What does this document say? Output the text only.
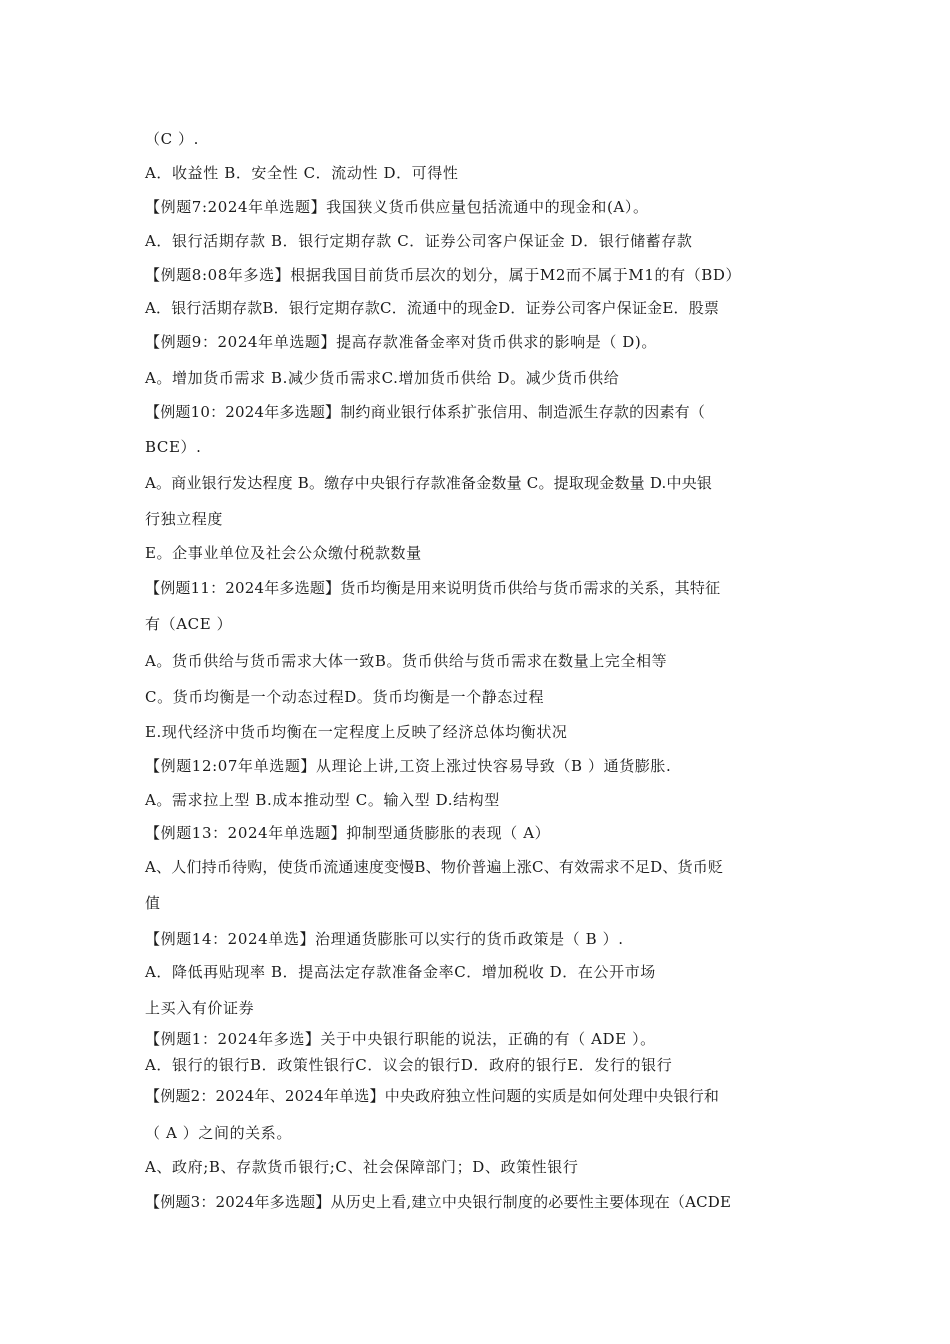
（C ）.
A．收益性 B．安全性 C．流动性 D．可得性
【例题7:2024年单选题】我国狭义货币供应量包括流通中的现金和(A）。
A．银行活期存款 B．银行定期存款 C．证券公司客户保证金 D．银行储蓄存款
【例题8:08年多选】根据我国目前货币层次的划分，属于M2而不属于M1的有（BD）
A．银行活期存款B．银行定期存款C．流通中的现金D．证券公司客户保证金E．股票
【例题9：2024年单选题】提高存款准备金率对货币供求的影响是（ D)。
A。增加货币需求 B.减少货币需求C.增加货币供给 D。减少货币供给
【例题10：2024年多选题】制约商业银行体系扩张信用、制造派生存款的因素有（
BCE）.
A。商业银行发达程度 B。缴存中央银行存款准备金数量 C。提取现金数量 D.中央银
行独立程度
E。企事业单位及社会公众缴付税款数量
【例题11：2024年多选题】货币均衡是用来说明货币供给与货币需求的关系，其特征
有（ACE ）
A。货币供给与货币需求大体一致B。货币供给与货币需求在数量上完全相等
C。货币均衡是一个动态过程D。货币均衡是一个静态过程
E.现代经济中货币均衡在一定程度上反映了经济总体均衡状况
【例题12:07年单选题】从理论上讲,工资上涨过快容易导致（B ）通货膨胀.
A。需求拉上型 B.成本推动型 C。输入型 D.结构型
【例题13：2024年单选题】抑制型通货膨胀的表现（ A）
A、人们持币待购，使货币流通速度变慢B、物价普遍上涨C、有效需求不足D、货币贬
值
【例题14：2024单选】治理通货膨胀可以实行的货币政策是（ B ）.
A．降低再贴现率 B．提高法定存款准备金率C．增加税收 D．在公开市场
上买入有价证券
【例题1：2024年多选】关于中央银行职能的说法，正确的有（ ADE ）。
A．银行的银行B．政策性银行C．议会的银行D．政府的银行E．发行的银行
【例题2：2024年、2024年单选】中央政府独立性问题的实质是如何处理中央银行和
（ A ）之间的关系。
A、政府;B、存款货币银行;C、社会保障部门；D、政策性银行
【例题3：2024年多选题】从历史上看,建立中央银行制度的必要性主要体现在（ACDE
